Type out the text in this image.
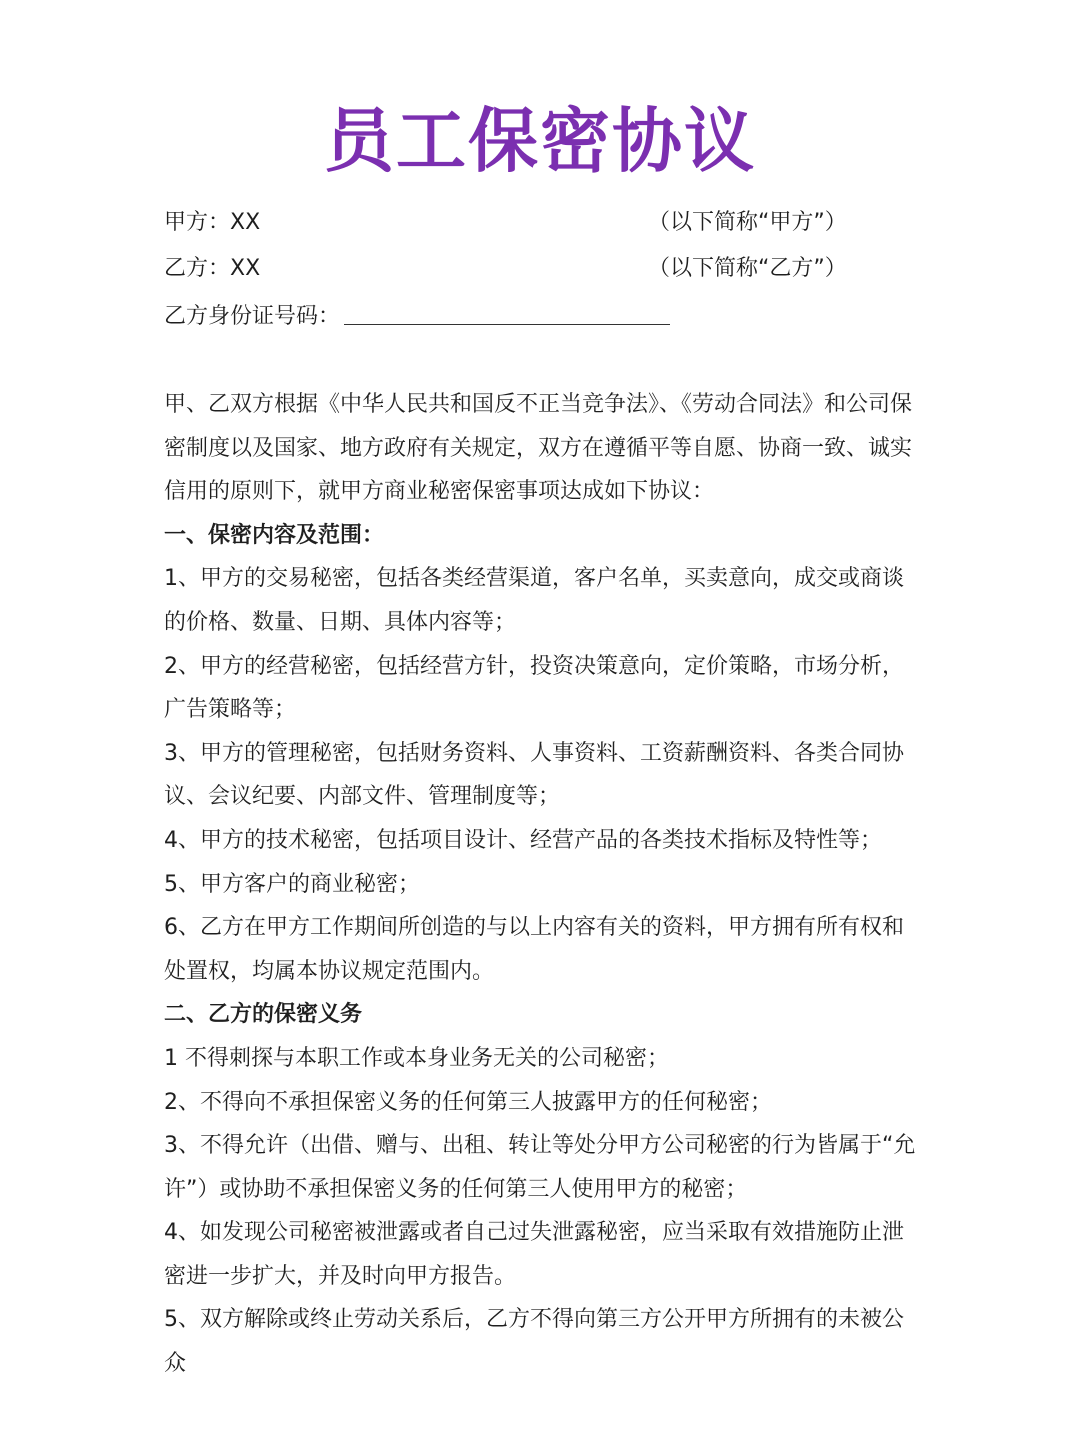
员工保密协议
甲方：XX	（以下简称“甲方”）
乙方：XX	（以下简称“乙方”）
乙方身份证号码：

甲、乙双方根据《中华人民共和国反不正当竞争法》、《劳动合同法》和公司保密制度以及国家、地方政府有关规定，双方在遵循平等自愿、协商一致、诚实信用的原则下，就甲方商业秘密保密事项达成如下协议：

一、保密内容及范围：

1、甲方的交易秘密，包括各类经营渠道，客户名单，买卖意向，成交或商谈的价格、数量、日期、具体内容等；

2、甲方的经营秘密，包括经营方针，投资决策意向，定价策略，市场分析，广告策略等；

3、甲方的管理秘密，包括财务资料、人事资料、工资薪酬资料、各类合同协议、会议纪要、内部文件、管理制度等；

4、甲方的技术秘密，包括项目设计、经营产品的各类技术指标及特性等；

5、甲方客户的商业秘密；

6、乙方在甲方工作期间所创造的与以上内容有关的资料，甲方拥有所有权和处置权，均属本协议规定范围内。

二、乙方的保密义务

1 不得刺探与本职工作或本身业务无关的公司秘密；

2、不得向不承担保密义务的任何第三人披露甲方的任何秘密；

3、不得允许（出借、赠与、出租、转让等处分甲方公司秘密的行为皆属于“允许”）或协助不承担保密义务的任何第三人使用甲方的秘密；

4、如发现公司秘密被泄露或者自己过失泄露秘密，应当采取有效措施防止泄密进一步扩大，并及时向甲方报告。

5、双方解除或终止劳动关系后，乙方不得向第三方公开甲方所拥有的未被公众
